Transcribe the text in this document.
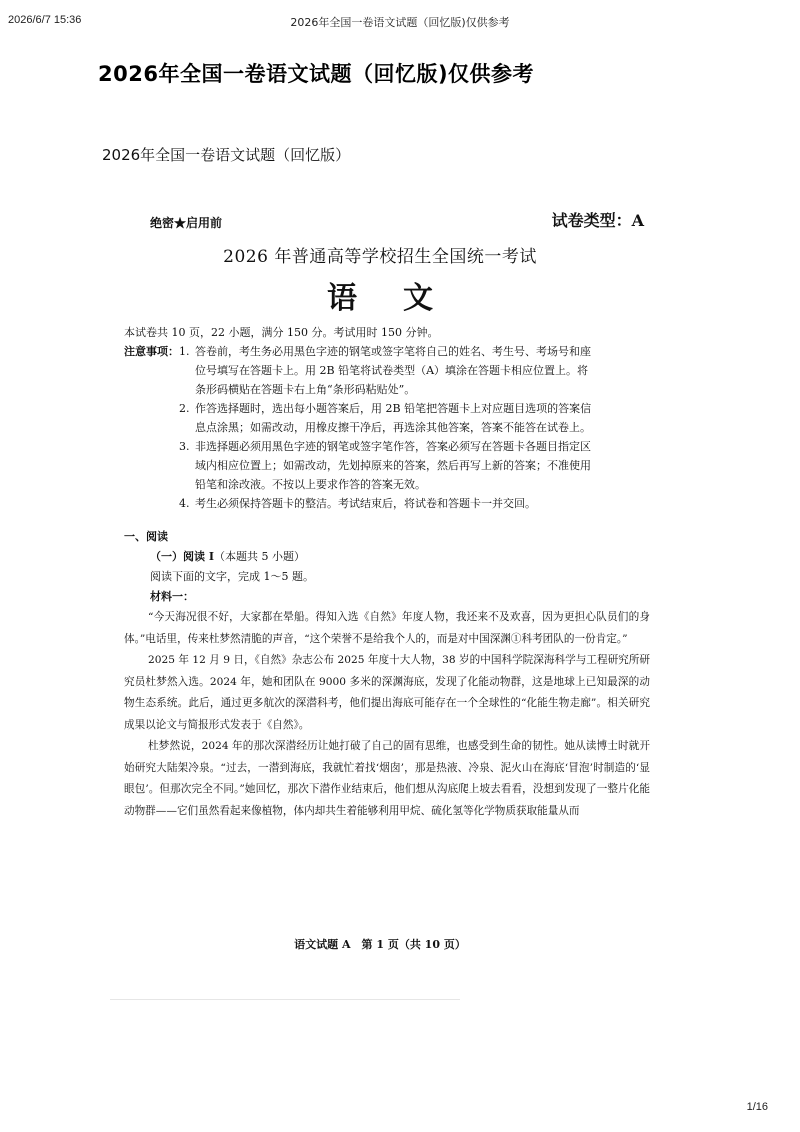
2026/6/7 15:36	2026年全国一卷语文试题（回忆版)仅供参考
2026年全国一卷语文试题（回忆版)仅供参考
2026年全国一卷语文试题（回忆版）
绝密★启用前	试卷类型：A
2026 年普通高等学校招生全国统一考试
语文
本试卷共 10 页，22 小题，满分 150 分。考试用时 150 分钟。
注意事项： 1. 答卷前，考生务必用黑色字迹的钢笔或签字笔将自己的姓名、考生号、考场号和座位号填写在答题卡上。用 2B 铅笔将试卷类型（A）填涂在答题卡相应位置上。将条形码横贴在答题卡右上角“条形码粘贴处”。
2. 作答选择题时，选出每小题答案后，用 2B 铅笔把答题卡上对应题目选项的答案信息点涂黑；如需改动，用橡皮擦干净后，再选涂其他答案，答案不能答在试卷上。
3. 非选择题必须用黑色字迹的钢笔或签字笔作答，答案必须写在答题卡各题目指定区域内相应位置上；如需改动，先划掉原来的答案，然后再写上新的答案；不准使用铅笔和涂改液。不按以上要求作答的答案无效。
4. 考生必须保持答题卡的整洁。考试结束后，将试卷和答题卡一并交回。
一、阅读
（一）阅读 I（本题共 5 小题）
阅读下面的文字，完成 1～5 题。
材料一：

“今天海况很不好，大家都在晕船。得知入选《自然》年度人物，我还来不及欢喜，因为更担心队员们的身体。”电话里，传来杜梦然清脆的声音，“这个荣誉不是给我个人的，而是对中国深渊①科考团队的一份肯定。”

2025 年 12 月 9 日，《自然》杂志公布 2025 年度十大人物，38 岁的中国科学院深海科学与工程研究所研究员杜梦然入选。2024 年，她和团队在 9000 多米的深渊海底，发现了化能动物群，这是地球上已知最深的动物生态系统。此后，通过更多航次的深潜科考，他们提出海底可能存在一个全球性的“化能生物走廊”。相关研究成果以论文与简报形式发表于《自然》。

杜梦然说，2024 年的那次深潜经历让她打破了自己的固有思维，也感受到生命的韧性。她从读博士时就开始研究大陆架冷泉。“过去，一潜到海底，我就忙着找‘烟囱’，那是热液、冷泉、泥火山在海底‘冒泡’时制造的‘显眼包’。但那次完全不同。”她回忆，那次下潜作业结束后，他们想从沟底爬上坡去看看，没想到发现了一整片化能动物群——它们虽然看起来像植物，体内却共生着能够利用甲烷、硫化氢等化学物质获取能量从而

语文试题 A　第 1 页（共 10 页）
1/16
